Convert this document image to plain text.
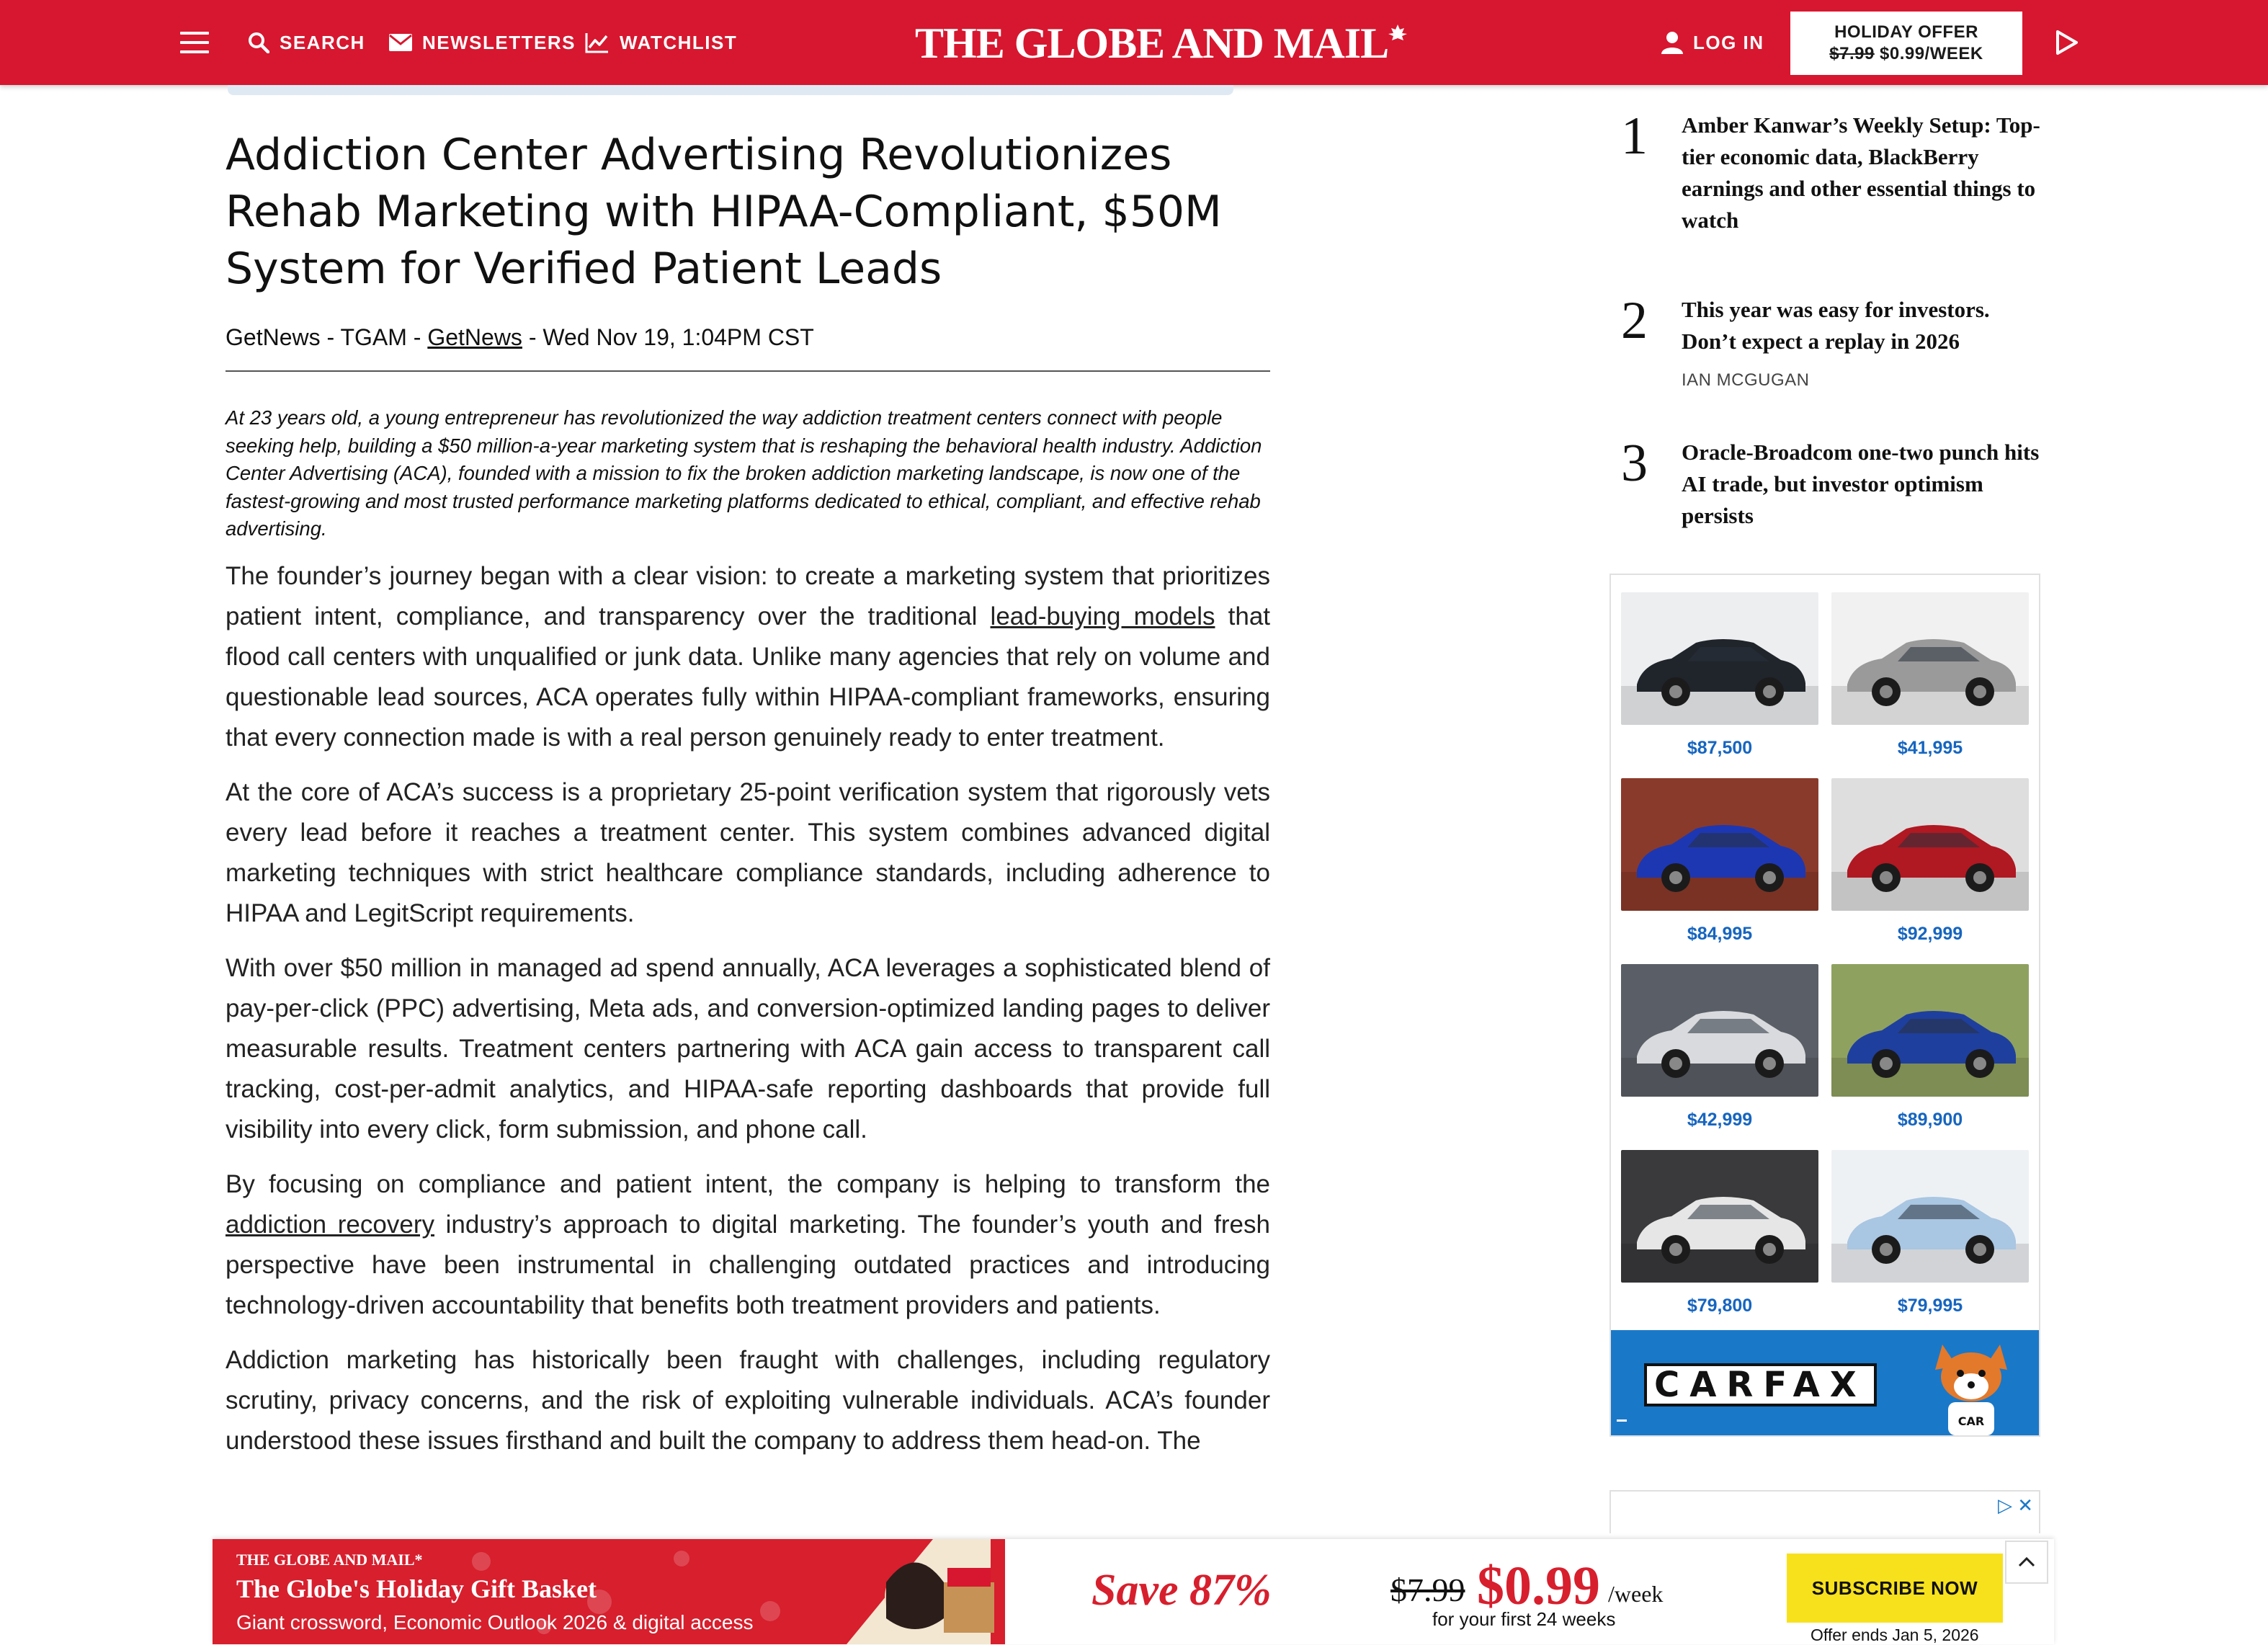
SEARCH	NEWSLETTERS WATCHLIST	THE GLOBE AND MAIL	LOG IN	HOLIDAY OFFER
$7.99 $0.99/WEEK
Addiction Center Advertising Revolutionizes Rehab Marketing with HIPAA-Compliant, $50M System for Verified Patient Leads
GetNews - TGAM - GetNews - Wed Nov 19, 1:04PM CST

At 23 years old, a young entrepreneur has revolutionized the way addiction treatment centers connect with people seeking help, building a $50 million-a-year marketing system that is reshaping the behavioral health industry. Addiction Center Advertising (ACA), founded with a mission to fix the broken addiction marketing landscape, is now one of the fastest-growing and most trusted performance marketing platforms dedicated to ethical, compliant, and effective rehab advertising.

The founder’s journey began with a clear vision: to create a marketing system that prioritizes patient intent, compliance, and transparency over the traditional lead-buying models that flood call centers with unqualified or junk data. Unlike many agencies that rely on volume and questionable lead sources, ACA operates fully within HIPAA-compliant frameworks, ensuring that every connection made is with a real person genuinely ready to enter treatment.

At the core of ACA’s success is a proprietary 25-point verification system that rigorously vets every lead before it reaches a treatment center. This system combines advanced digital marketing techniques with strict healthcare compliance standards, including adherence to HIPAA and LegitScript requirements.

With over $50 million in managed ad spend annually, ACA leverages a sophisticated blend of pay-per-click (PPC) advertising, Meta ads, and conversion-optimized landing pages to deliver measurable results. Treatment centers partnering with ACA gain access to transparent call tracking, cost-per-admit analytics, and HIPAA-safe reporting dashboards that provide full visibility into every click, form submission, and phone call.

By focusing on compliance and patient intent, the company is helping to transform the addiction recovery industry’s approach to digital marketing. The founder’s youth and fresh perspective have been instrumental in challenging outdated practices and introducing technology-driven accountability that benefits both treatment providers and patients.

Addiction marketing has historically been fraught with challenges, including regulatory scrutiny, privacy concerns, and the risk of exploiting vulnerable individuals. ACA’s founder understood these issues firsthand and built the company to address them head-on. The

1 Amber Kanwar’s Weekly Setup: Top-tier economic data, BlackBerry earnings and other essential things to watch
2 This year was easy for investors. Don’t expect a replay in 2026
IAN MCGUGAN
3 Oracle-Broadcom one-two punch hits AI trade, but investor optimism persists
$87,500	$41,995
$84,995	$92,999
$42,999	$89,900
$79,800	$79,995
CARFAX
CAR
▷ ✕
THE GLOBE AND MAIL*
The Globe's Holiday Gift Basket
Giant crossword, Economic Outlook 2026 & digital access
Save 87%	$7.99 $0.99 /week
for your first 24 weeks
SUBSCRIBE NOW
Offer ends Jan 5, 2026
